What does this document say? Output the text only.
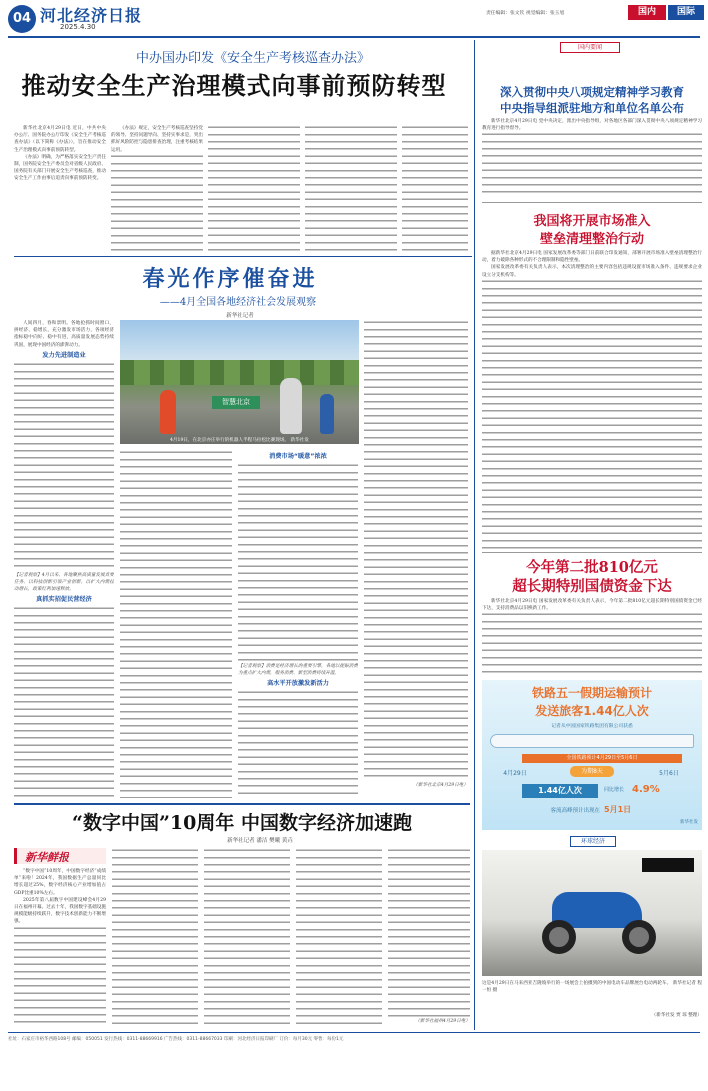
04 河北经济日报
2025.4.30
责任编辑：张文钦 视觉编辑：张玉旭	国内	国际
中办国办印发《安全生产考核巡查办法》
推动安全生产治理模式向事前预防转型

新华社北京4月29日电 近日，中共中央办公厅、国务院办公厅印发《安全生产考核巡查办法》（以下简称《办法》），旨在推动安全生产治理模式向事前预防转型。

《办法》明确，为严格落实安全生产责任制，国务院安全生产委员会对省级人民政府、国务院有关部门开展安全生产考核巡查，推动安全生产工作由事后追责向事前预防转变。

《办法》规定，安全生产考核巡查坚持党的领导、坚持问题导向、坚持实事求是，突出抓好风险防控与隐患排查治理，注重考核结果运用。

春光作序催奋进
——4月全国各地经济社会发展观察
新华社记者
智慧北京
4月19日，在北京亦庄举行的机器人半程马拉松比赛现场。 新华社发

人间四月，春和景明。各地抢抓时间窗口，拼经济、稳增长，充分激发市场活力，各项经济指标稳中向好、稳中有进，高质量发展态势持续巩固，展现中国经济的澎湃动力。

发力先进制造业

【记者观察】4月以来，各地聚焦高质量发展首要任务，以科技创新引领产业创新，以扩大内需拉动增长，政策红利加速释放。

真抓实招促民营经济
消费市场“暖意”浓浓

【记者观察】消费是经济增长的重要引擎，各地以提振消费为重点扩大内需，服务消费、新型消费持续升温。

高水平开放激发新活力

（新华社北京4月29日电）

国内要闻
深入贯彻中央八项规定精神学习教育
中央指导组派驻地方和单位名单公布

新华社北京4月29日电 党中央决定，派出中央指导组，对各地区各部门深入贯彻中央八项规定精神学习教育进行指导督导。

我国将开展市场准入
壁垒清理整治行动

据新华社北京4月29日电 国家发展改革委等部门日前联合印发通知，部署开展市场准入壁垒清理整治行动，着力破除各种形式的不合理限制和隐性壁垒。

国家发展改革委有关负责人表示，本次清理整治的主要内容包括违规设置市场准入条件、违规要求企业设立分支机构等。

今年第二批810亿元
超长期特别国债资金下达

新华社北京4月29日电 国家发展改革委有关负责人表示，今年第二批810亿元超长期特别国债资金已经下达，支持消费品以旧换新工作。

铁路五一假期运输预计
发送旅客1.44亿人次
记者从中国国家铁路集团有限公司获悉
全国铁路预计4月29日至5月6日
4月29日	为期8天	5月6日
1.44亿人次	同比增长 4.9%
客流高峰预计出现在 5月1日
新华社发
环球经济
这是4月29日在马来西亚吉隆坡举行的一场展会上拍摄到的中国电动车品牌展台电动两轮车。 新华社记者 程一恒 摄
（新华社发 贾 琼 整理）
“数字中国”10周年 中国数字经济加速跑
新华社记者 潘洁 樊曦 黄垚
新华鲜报

“数字中国”10周年，中国数字经济“成绩单”来啦！2024年，我国数据生产总量同比增长超过25%，数字经济核心产业增加值占GDP比重10%左右。

2025年第八届数字中国建设峰会4月29日在福州开幕。过去十年，我国数字基础设施规模能级持续跃升，数字技术创新能力不断增强。

（新华社福州4月29日电）

社址：石家庄市裕华西路108号 邮编：050051 发行热线：0311-88669916 广告热线：0311-88667033 印刷：河北经济日报印刷厂 订价：每月30元 零售：每份1元
